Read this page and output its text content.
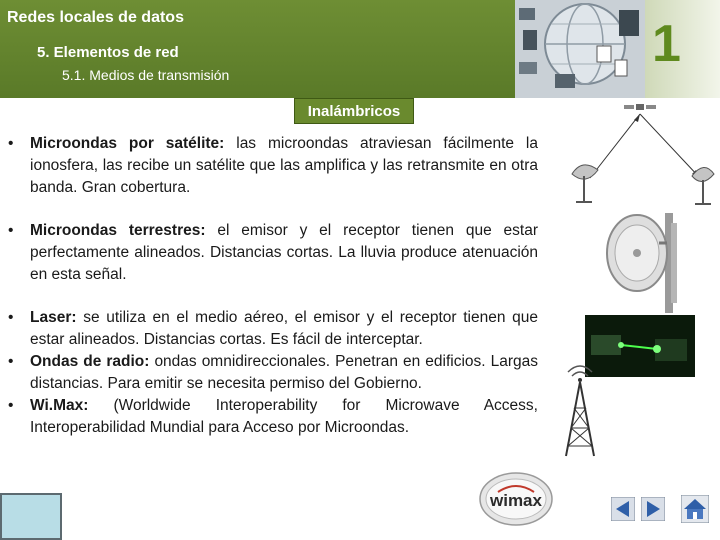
Redes locales de datos
5. Elementos de red
5.1. Medios de transmisión
1
Inalámbricos
• Microondas por satélite: las microondas atraviesan fácilmente la ionosfera, las recibe un satélite que las amplifica y las retransmite en otra banda. Gran cobertura.
• Microondas terrestres: el emisor y el receptor tienen que estar perfectamente alineados. Distancias cortas. La lluvia produce atenuación en esta señal.
• Laser: se utiliza en el medio aéreo, el emisor y el receptor tienen que estar alineados. Distancias cortas. Es fácil de interceptar.
• Ondas de radio: ondas omnidireccionales. Penetran en edificios. Largas distancias. Para emitir se necesita permiso del Gobierno.
• Wi.Max: (Worldwide Interoperability for Microwave Access, Interoperabilidad Mundial para Acceso por Microondas.
wimax
